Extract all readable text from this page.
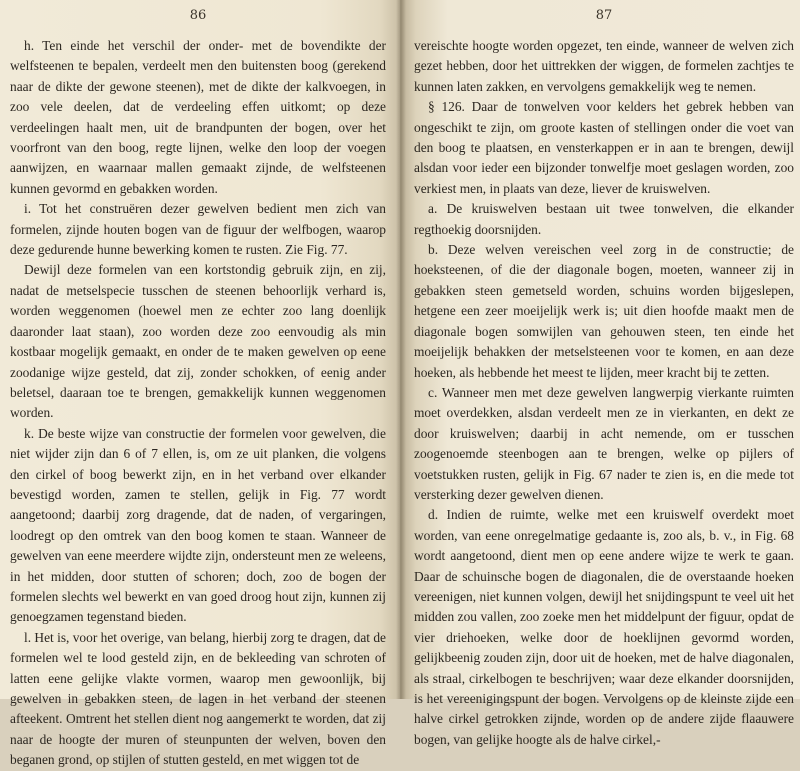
86

h. Ten einde het verschil der onder- met de bovendikte der welfsteenen te bepalen, verdeelt men den buitensten boog (gerekend naar de dikte der gewone steenen), met de dikte der kalkvoegen, in zoo vele deelen, dat de verdeeling effen uitkomt; op deze verdeelingen haalt men, uit de brandpunten der bogen, over het voorfront van den boog, regte lijnen, welke den loop der voegen aanwijzen, en waarnaar mallen gemaakt zijnde, de welfsteenen kunnen gevormd en gebakken worden.

i. Tot het construëren dezer gewelven bedient men zich van formelen, zijnde houten bogen van de figuur der welfbogen, waarop deze gedurende hunne bewerking komen te rusten. Zie Fig. 77.

Dewijl deze formelen van een kortstondig gebruik zijn, en zij, nadat de metselspecie tusschen de steenen behoorlijk verhard is, worden weggenomen (hoewel men ze echter zoo lang doenlijk daaronder laat staan), zoo worden deze zoo eenvoudig als min kostbaar mogelijk gemaakt, en onder de te maken gewelven op eene zoodanige wijze gesteld, dat zij, zonder schokken, of eenig ander beletsel, daaraan toe te brengen, gemakkelijk kunnen weggenomen worden.

k. De beste wijze van constructie der formelen voor gewelven, die niet wijder zijn dan 6 of 7 ellen, is, om ze uit planken, die volgens den cirkel of boog bewerkt zijn, en in het verband over elkander bevestigd worden, zamen te stellen, gelijk in Fig. 77 wordt aangetoond; daarbij zorg dragende, dat de naden, of vergaringen, loodregt op den omtrek van den boog komen te staan. Wanneer de gewelven van eene meerdere wijdte zijn, ondersteunt men ze weleens, in het midden, door stutten of schoren; doch, zoo de bogen der formelen slechts wel bewerkt en van goed droog hout zijn, kunnen zij genoegzamen tegenstand bieden.

l. Het is, voor het overige, van belang, hierbij zorg te dragen, dat de formelen wel te lood gesteld zijn, en de bekleeding van schroten of latten eene gelijke vlakte vormen, waarop men gewoonlijk, bij gewelven in gebakken steen, de lagen in het verband der steenen afteekent. Omtrent het stellen dient nog aangemerkt te worden, dat zij naar de hoogte der muren of steunpunten der welven, boven den beganen grond, op stijlen of stutten gesteld, en met wiggen tot de

87

vereischte hoogte worden opgezet, ten einde, wanneer de welven zich gezet hebben, door het uittrekken der wiggen, de formelen zachtjes te kunnen laten zakken, en vervolgens gemakkelijk weg te nemen.

§ 126. Daar de tonwelven voor kelders het gebrek hebben van ongeschikt te zijn, om groote kasten of stellingen onder die voet van den boog te plaatsen, en vensterkappen er in aan te brengen, dewijl alsdan voor ieder een bijzonder tonwelfje moet geslagen worden, zoo verkiest men, in plaats van deze, liever de kruiswelven.

a. De kruiswelven bestaan uit twee tonwelven, die elkander regthoekig doorsnijden.

b. Deze welven vereischen veel zorg in de constructie; de hoeksteenen, of die der diagonale bogen, moeten, wanneer zij in gebakken steen gemetseld worden, schuins worden bijgeslepen, hetgene een zeer moeijelijk werk is; uit dien hoofde maakt men de diagonale bogen somwijlen van gehouwen steen, ten einde het moeijelijk behakken der metselsteenen voor te komen, en aan deze hoeken, als hebbende het meest te lijden, meer kracht bij te zetten.

c. Wanneer men met deze gewelven langwerpig vierkante ruimten moet overdekken, alsdan verdeelt men ze in vierkanten, en dekt ze door kruiswelven; daarbij in acht nemende, om er tusschen zoogenoemde steenbogen aan te brengen, welke op pijlers of voetstukken rusten, gelijk in Fig. 67 nader te zien is, en die mede tot versterking dezer gewelven dienen.

d. Indien de ruimte, welke met een kruiswelf overdekt moet worden, van eene onregelmatige gedaante is, zoo als, b. v., in Fig. 68 wordt aangetoond, dient men op eene andere wijze te werk te gaan. Daar de schuinsche bogen de diagonalen, die de overstaande hoeken vereenigen, niet kunnen volgen, dewijl het snijdingspunt te veel uit het midden zou vallen, zoo zoeke men het middelpunt der figuur, opdat de vier driehoeken, welke door de hoeklijnen gevormd worden, gelijkbeenig zouden zijn, door uit de hoeken, met de halve diagonalen, als straal, cirkelbogen te beschrijven; waar deze elkander doorsnijden, is het vereenigingspunt der bogen. Vervolgens op de kleinste zijde een halve cirkel getrokken zijnde, worden op de andere zijde flaauwere bogen, van gelijke hoogte als de halve cirkel,-
